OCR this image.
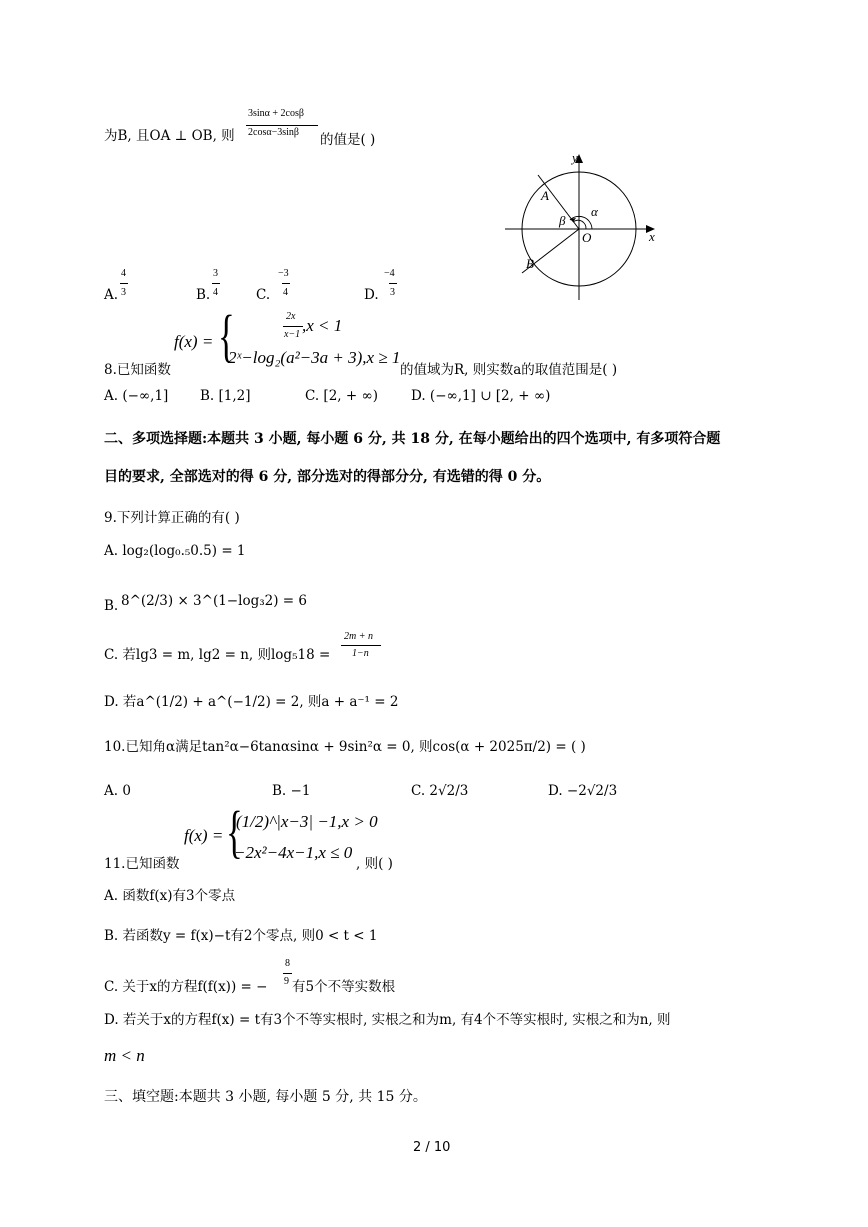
3sinα + 2cosβ
2cosα−3sinβ
为B, 且OA ⊥ OB, 则	的值是( )
y
x
O
A
B
α
β
A.
4
3	B.
3
4	C.
−3
4	D.
−4
3
f(x) = {	2x
x−1 ,x < 1
2ˣ−log₂(a²−3a + 3),x ≥ 1
8.已知函数	的值域为R, 则实数a的取值范围是( )
A. (−∞,1] B. [1,2]	C. [2, + ∞) D. (−∞,1] ∪ [2, + ∞)
二、多项选择题:本题共 3 小题, 每小题 6 分, 共 18 分, 在每小题给出的四个选项中, 有多项符合题
目的要求, 全部选对的得 6 分, 部分选对的得部分分, 有选错的得 0 分。
9.下列计算正确的有( )
A. log₂(log₀.₅0.5) = 1
B. 8^(2/3) × 3^(1−log₃2) = 6
C. 若lg3 = m, lg2 = n, 则log₅18 =
2m + n
1−n
D. 若a^(1/2) + a^(−1/2) = 2, 则a + a⁻¹ = 2
10.已知角α满足tan²α−6tanαsinα + 9sin²α = 0, 则cos(α + 2025π/2) = ( )
A. 0	B. −1	C. 2√2/3	D. −2√2/3
f(x) = {
(1/2)^|x−3| −1,x > 0
−2x²−4x−1,x ≤ 0
11.已知函数	, 则( )
A. 函数f(x)有3个零点
B. 若函数y = f(x)−t有2个零点, 则0 < t < 1
C. 关于x的方程f(f(x)) = −
8
9 有5个不等实数根
D. 若关于x的方程f(x) = t有3个不等实根时, 实根之和为m, 有4个不等实根时, 实根之和为n, 则
m < n
三、填空题:本题共 3 小题, 每小题 5 分, 共 15 分。
2 / 10
